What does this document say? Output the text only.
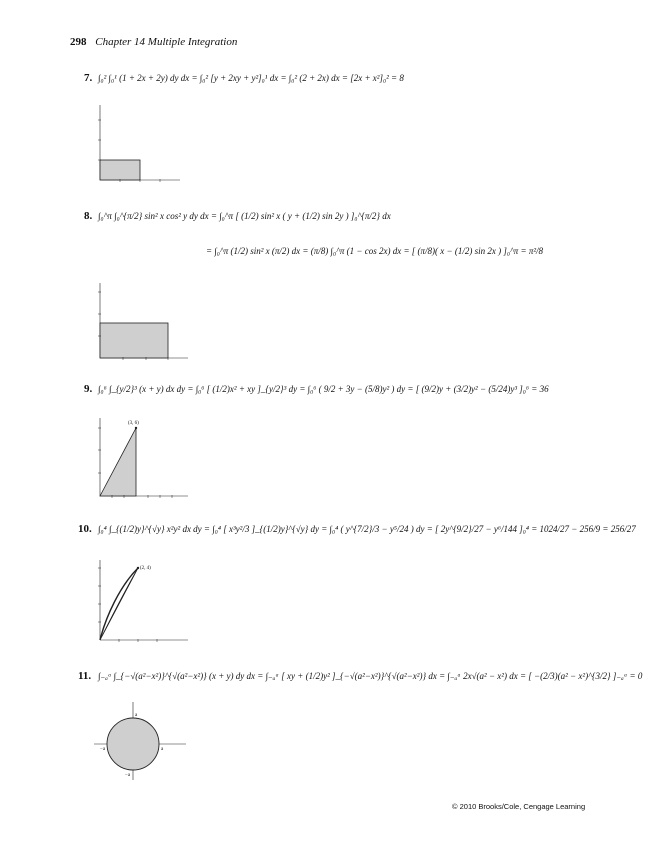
298 Chapter 14 Multiple Integration
7. ∫₀² ∫₀¹ (1 + 2x + 2y) dy dx = ∫₀² [y + 2xy + y²]₀¹ dx = ∫₀² (2 + 2x) dx = [2x + x²]₀² = 8
8. ∫₀^π ∫₀^{π/2} sin² x cos² y dy dx = ∫₀^π [ (1/2) sin² x ( y + (1/2) sin 2y ) ]₀^{π/2} dx
= ∫₀^π (1/2) sin² x (π/2) dx = (π/8) ∫₀^π (1 − cos 2x) dx = [ (π/8)( x − (1/2) sin 2x ) ]₀^π = π²/8
9. ∫₀⁶ ∫_{y/2}³ (x + y) dx dy = ∫₀⁶ [ (1/2)x² + xy ]_{y/2}³ dy = ∫₀⁶ ( 9/2 + 3y − (5/8)y² ) dy = [ (9/2)y + (3/2)y² − (5/24)y³ ]₀⁶ = 36
(3, 6)
10. ∫₀⁴ ∫_{(1/2)y}^{√y} x²y² dx dy = ∫₀⁴ [ x³y²/3 ]_{(1/2)y}^{√y} dy = ∫₀⁴ ( y^{7/2}/3 − y⁵/24 ) dy = [ 2y^{9/2}/27 − y⁶/144 ]₀⁴ = 1024/27 − 256/9 = 256/27
(2, 4)
11. ∫₋ₐᵃ ∫_{−√(a²−x²)}^{√(a²−x²)} (x + y) dy dx = ∫₋ₐᵃ [ xy + (1/2)y² ]_{−√(a²−x²)}^{√(a²−x²)} dx = ∫₋ₐᵃ 2x√(a² − x²) dx = [ −(2/3)(a² − x²)^{3/2} ]₋ₐᵃ = 0
a
−a	a
−a
© 2010 Brooks/Cole, Cengage Learning
